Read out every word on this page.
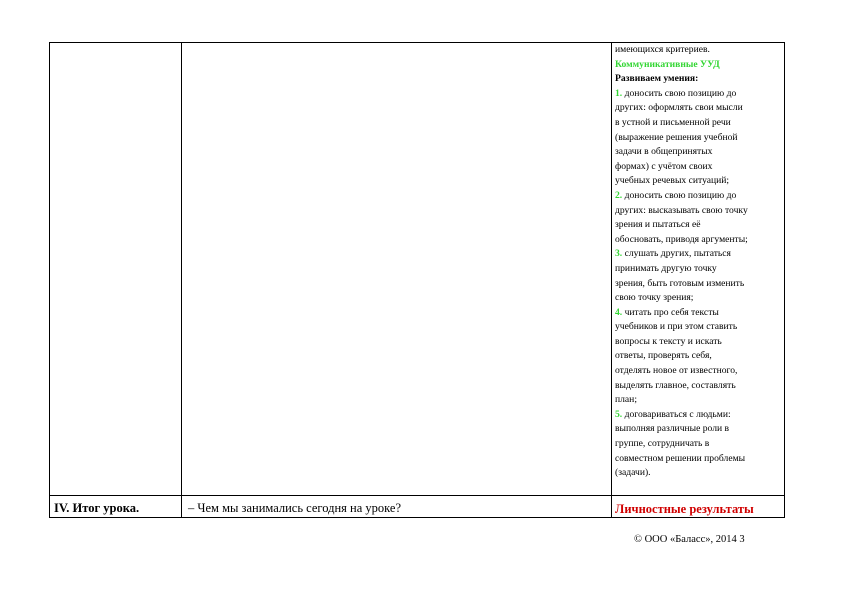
имеющихся критериев.

Коммуникативные УУД

Развиваем умения:

1. доносить свою позицию до

других: оформлять свои мысли

в устной и письменной речи

(выражение решения учебной

задачи в общепринятых

формах) с учётом своих

учебных речевых ситуаций;

2. доносить свою позицию до

других: высказывать свою точку

зрения и пытаться её

обосновать, приводя аргументы;

3. слушать других, пытаться

принимать другую точку

зрения, быть готовым изменить

свою точку зрения;

4. читать про себя тексты

учебников и при этом ставить

вопросы к тексту и искать

ответы, проверять себя,

отделять новое от известного,

выделять главное, составлять

план;

5. договариваться с людьми:

выполняя различные роли в

группе, сотрудничать в

совместном решении проблемы

(задачи).

IV. Итог урока.	– Чем мы занимались сегодня на уроке?	Личностные результаты
© ООО «Баласс», 2014 3
